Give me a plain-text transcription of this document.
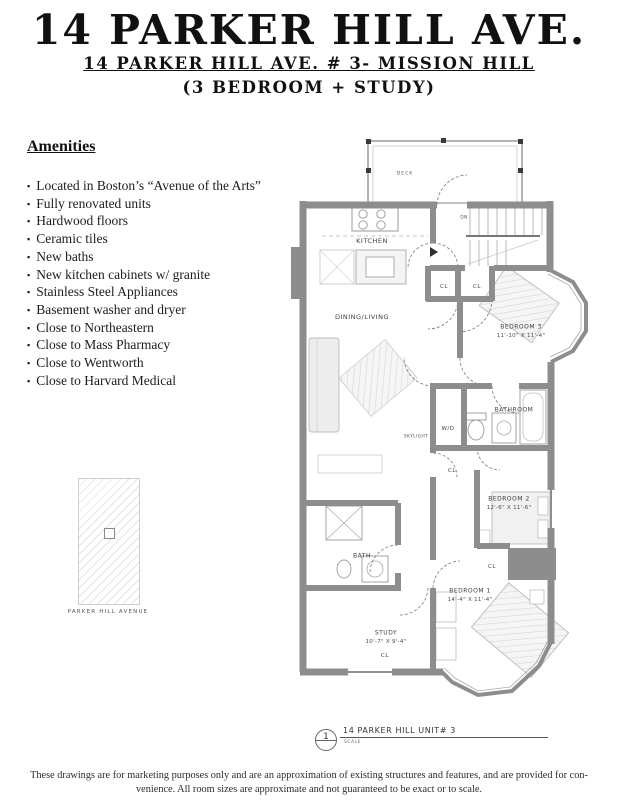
14 PARKER HILL AVE.
14 PARKER HILL AVE. # 3- MISSION HILL
(3 BEDROOM + STUDY)
Amenities
▪ Located in Boston’s “Avenue of the Arts”
▪ Fully renovated units
▪ Hardwood floors
▪ Ceramic tiles
▪ New baths
▪ New kitchen cabinets w/ granite
▪ Stainless Steel Appliances
▪ Basement washer and dryer
▪ Close to Northeastern
▪ Close to Mass Pharmacy
▪ Close to Wentworth
▪ Close to Harvard Medical
DECK
KITCHEN
DINING/LIVING
BEDROOM 3
11'-10" X 11'-4"
BATHROOM
W/D
SKYLIGHT
BATH
BEDROOM 2
12'-6" X 11'-6"
BEDROOM 1
14'-4" X 11'-4"
STUDY
10'-7" X 9'-4"
CL	CL
CL
CL
CL
DN
PARKER HILL AVENUE
1
14 PARKER HILL UNIT# 3
SCALE
These drawings are for marketing purposes only and are an approximation of existing structures and features, and are provided for con-
venience. All room sizes are approximate and not guaranteed to be exact or to scale.
